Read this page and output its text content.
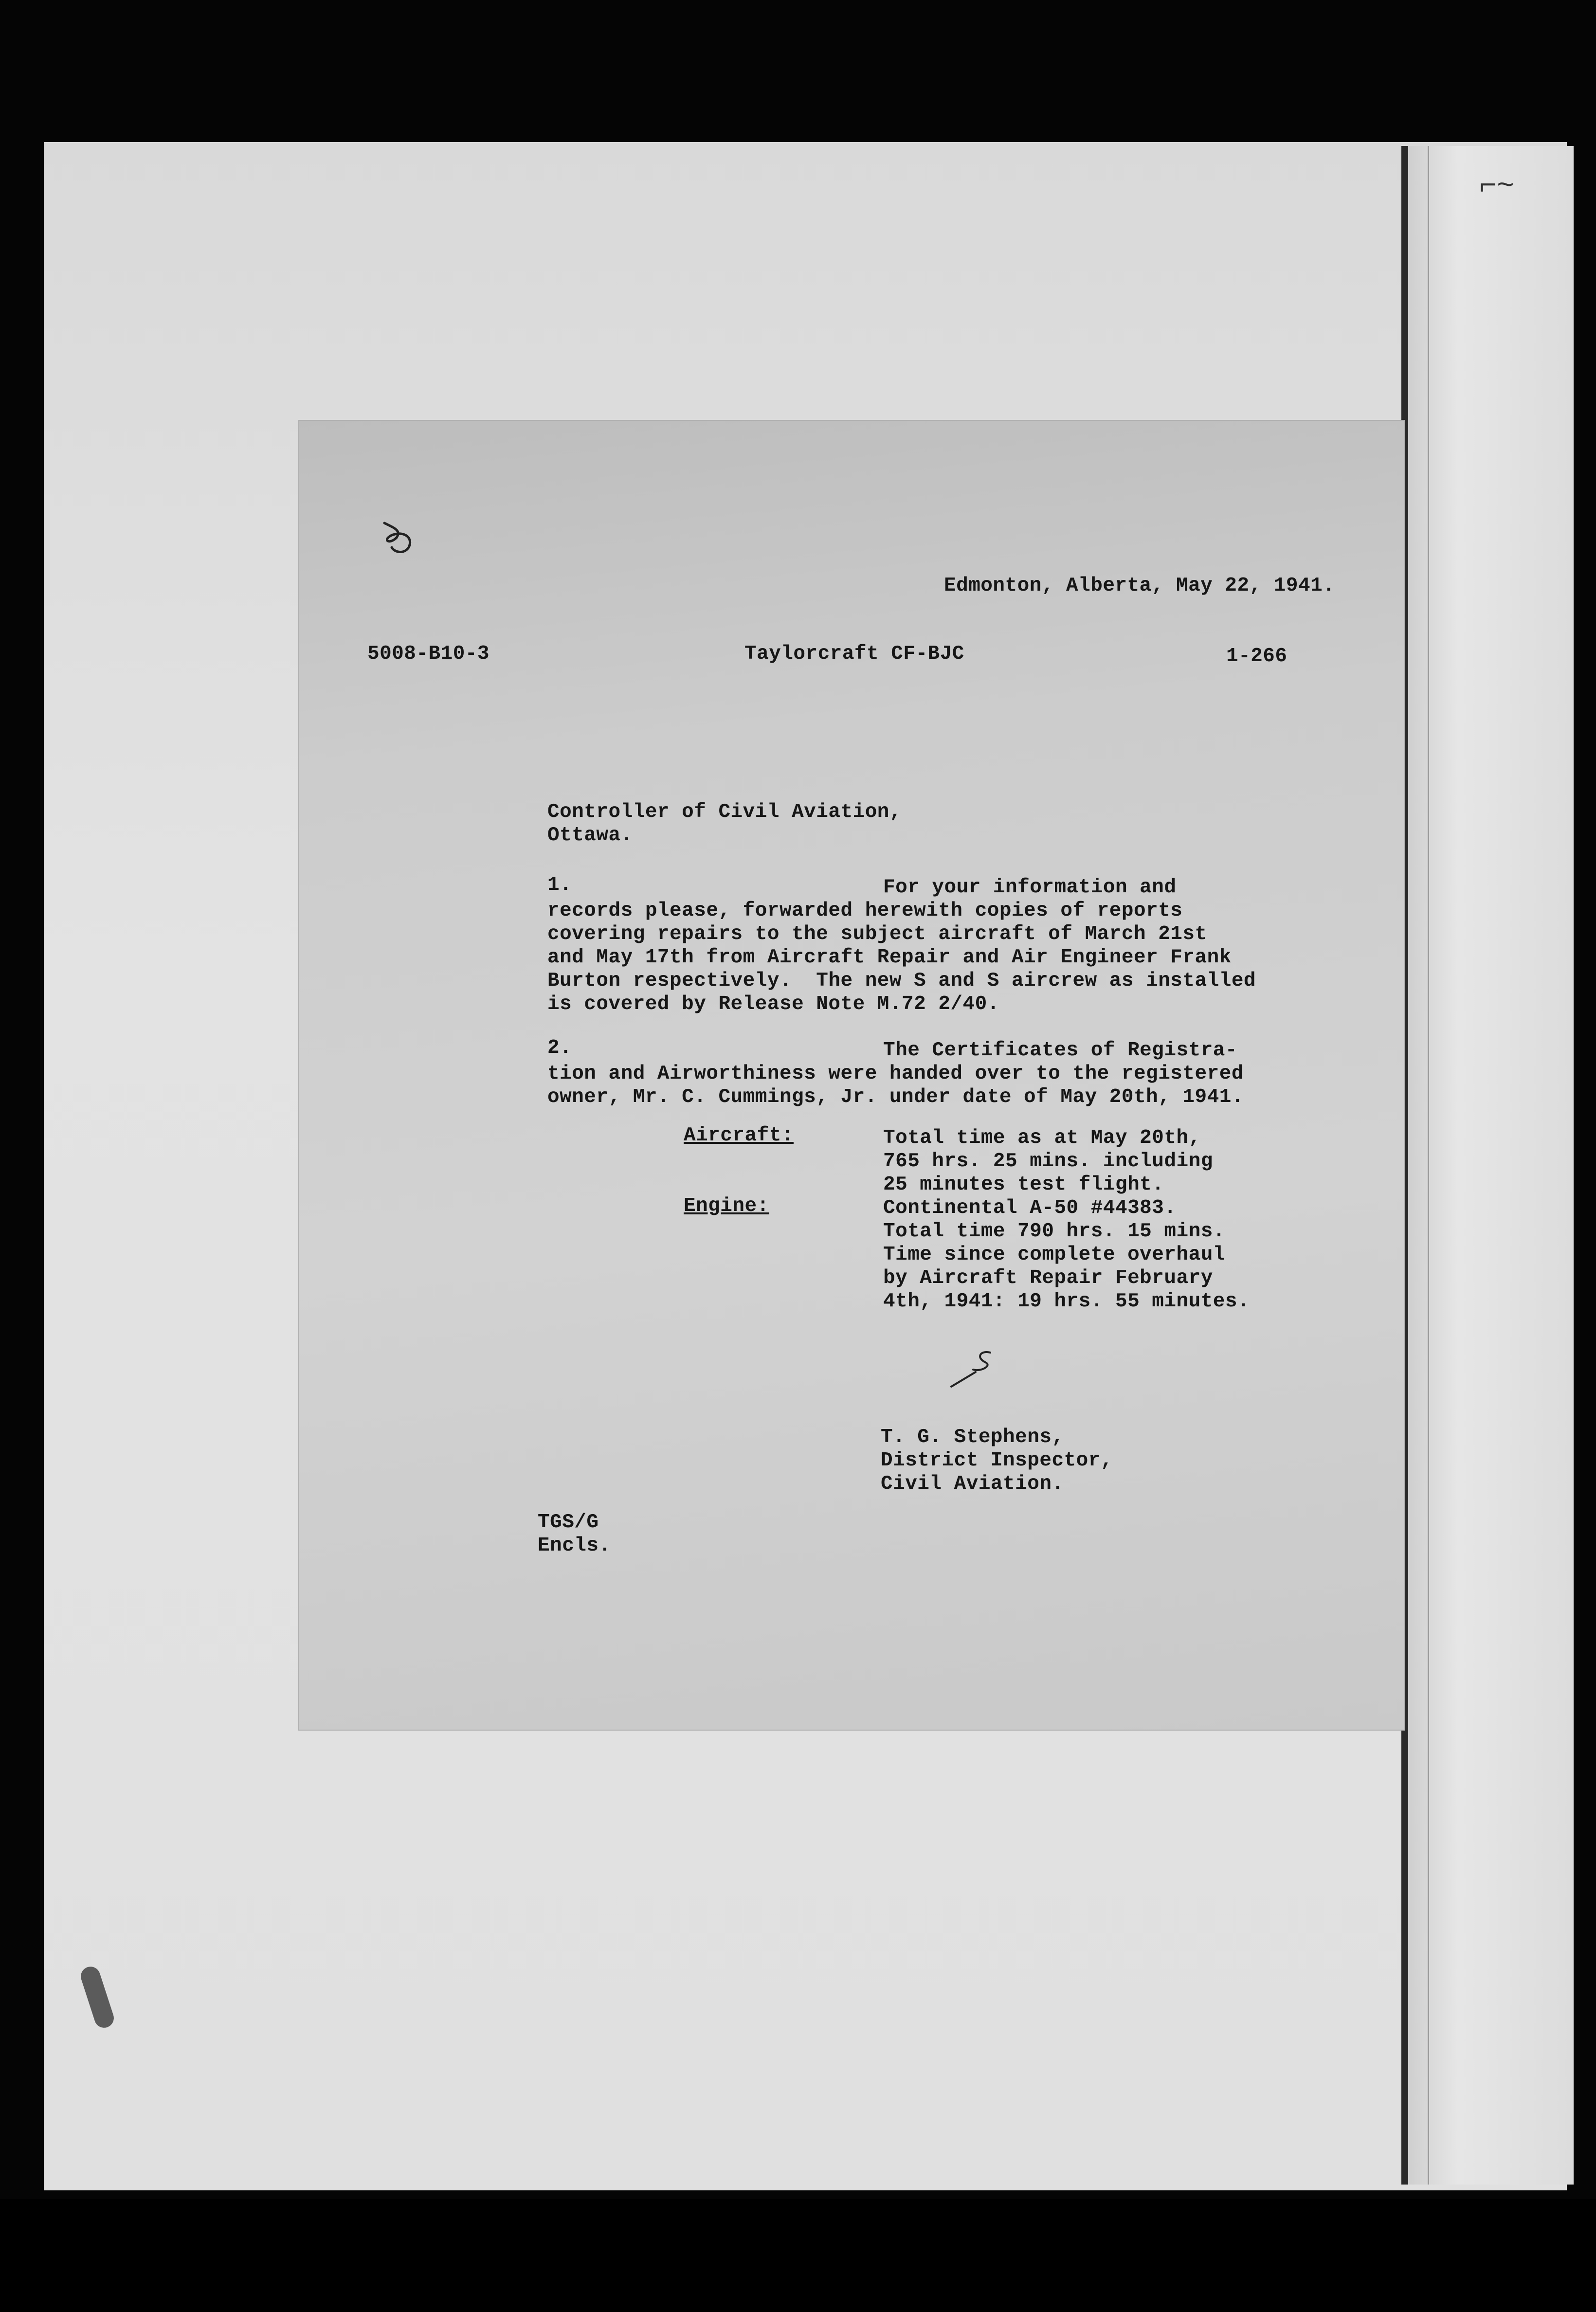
⌐~
Edmonton, Alberta, May 22, 1941.
5008-B10-3	Taylorcraft CF-BJC	1-266
Controller of Civil Aviation,
Ottawa.
1.	For your information and
records please, forwarded herewith copies of reports
covering repairs to the subject aircraft of March 21st
and May 17th from Aircraft Repair and Air Engineer Frank
Burton respectively.  The new S and S aircrew as installed
is covered by Release Note M.72 2/40.
2.	The Certificates of Registra-
tion and Airworthiness were handed over to the registered
owner, Mr. C. Cummings, Jr. under date of May 20th, 1941.
Aircraft:	Total time as at May 20th,
765 hrs. 25 mins. including
25 minutes test flight.
Engine:	Continental A-50 #44383.
Total time 790 hrs. 15 mins.
Time since complete overhaul
by Aircraft Repair February
4th, 1941: 19 hrs. 55 minutes.
T. G. Stephens,
District Inspector,
Civil Aviation.
TGS/G
Encls.
